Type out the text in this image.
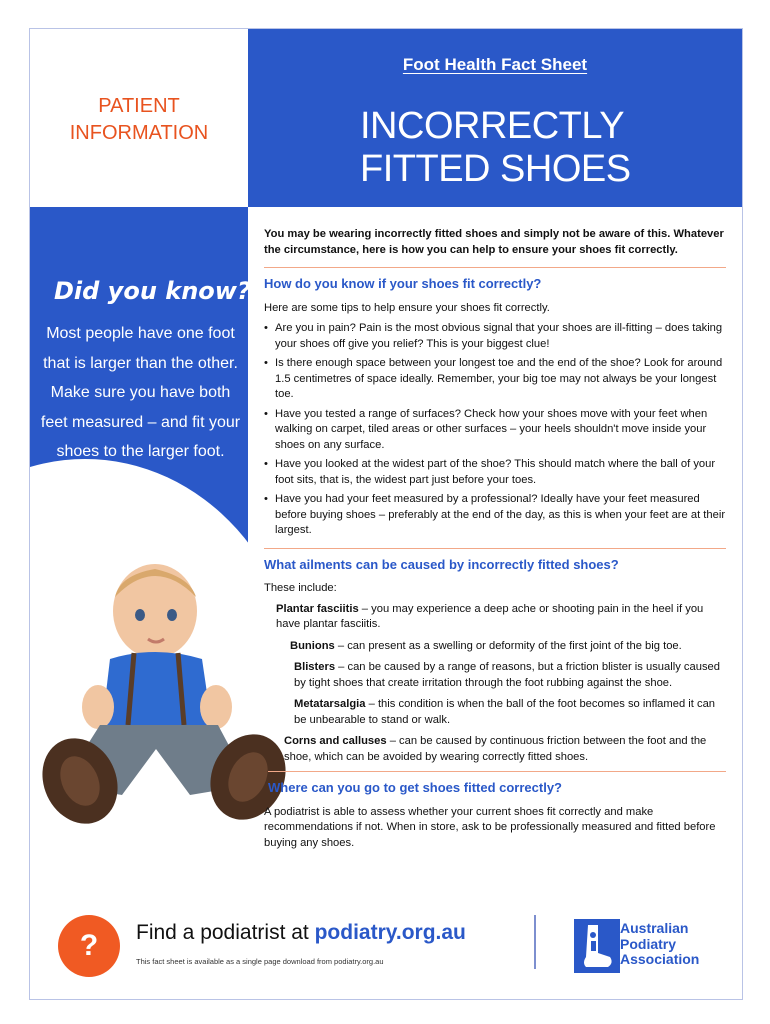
Foot Health Fact Sheet
INCORRECTLY
FITTED SHOES
PATIENT
INFORMATION
Did you know?
Most people have one foot that is larger than the other. Make sure you have both feet measured – and fit your shoes to the larger foot.

You may be wearing incorrectly fitted shoes and simply not be aware of this. Whatever the circumstance, here is how you can help to ensure your shoes fit correctly.

How do you know if your shoes fit correctly?

Here are some tips to help ensure your shoes fit correctly.

• Are you in pain? Pain is the most obvious signal that your shoes are ill-fitting – does taking your shoes off give you relief? This is your biggest clue!
• Is there enough space between your longest toe and the end of the shoe? Look for around 1.5 centimetres of space ideally. Remember, your big toe may not always be your longest toe.
• Have you tested a range of surfaces? Check how your shoes move with your feet when walking on carpet, tiled areas or other surfaces – your heels shouldn't move inside your shoes on any surface.
• Have you looked at the widest part of the shoe? This should match where the ball of your foot sits, that is, the widest part just before your toes.
• Have you had your feet measured by a professional? Ideally have your feet measured before buying shoes – preferably at the end of the day, as this is when your feet are at their largest.
What ailments can be caused by incorrectly fitted shoes?

These include:

Plantar fasciitis – you may experience a deep ache or shooting pain in the heel if you have plantar fasciitis.

Bunions – can present as a swelling or deformity of the first joint of the big toe.

Blisters – can be caused by a range of reasons, but a friction blister is usually caused by tight shoes that create irritation through the foot rubbing against the shoe.

Metatarsalgia – this condition is when the ball of the foot becomes so inflamed it can be unbearable to stand or walk.

Corns and calluses – can be caused by continuous friction between the foot and the shoe, which can be avoided by wearing correctly fitted shoes.

Where can you go to get shoes fitted correctly?

A podiatrist is able to assess whether your current shoes fit correctly and make recommendations if not. When in store, ask to be professionally measured and fitted before buying any shoes.

?	Find a podiatrist at podiatry.org.au
This fact sheet is available as a single page download from podiatry.org.au
Australian
Podiatry
Association
